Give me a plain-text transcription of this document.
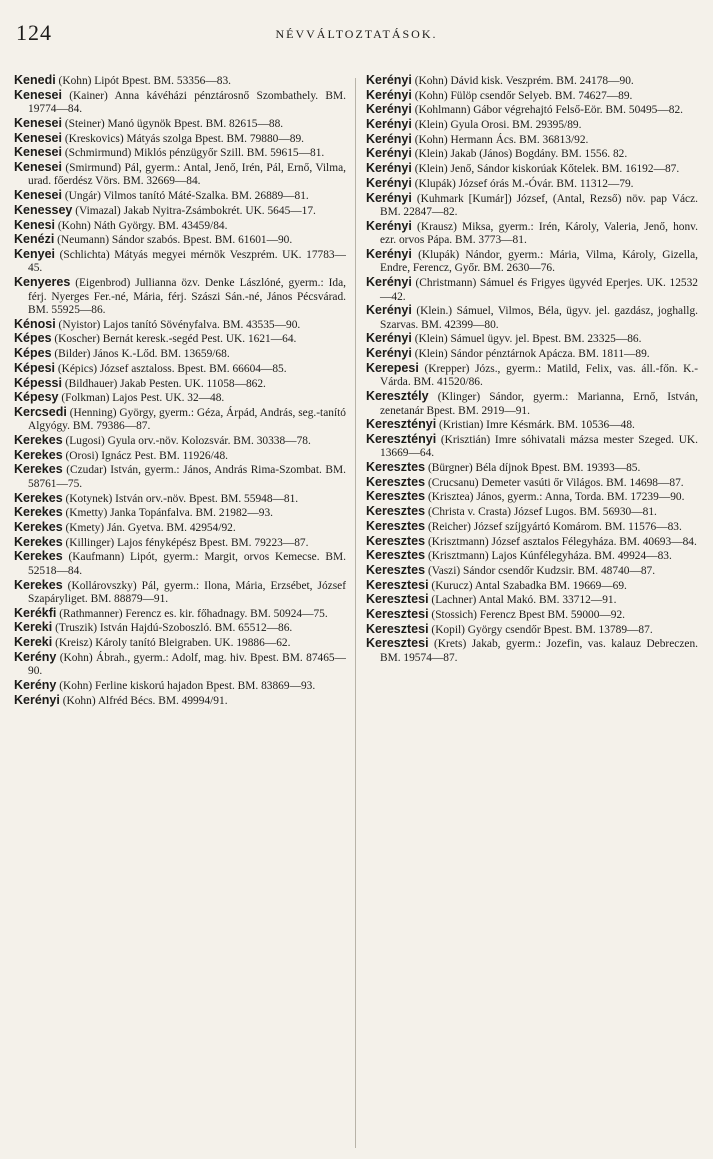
124	NÉVVÁLTOZTATÁSOK.

Kenedi (Kohn) Lipót Bpest. BM. 53356—83.

Kenesei (Kainer) Anna kávéházi pénztárosnő Szombathely. BM. 19774—84.

Kenesei (Steiner) Manó ügynök Bpest. BM. 82615—88.

Kenesei (Kreskovics) Mátyás szolga Bpest. BM. 79880—89.

Kenesei (Schmirmund) Miklós pénzügyőr Szill. BM. 59615—81.

Kenesei (Smirmund) Pál, gyerm.: Antal, Jenő, Irén, Pál, Ernő, Vilma, urad. főerdész Vörs. BM. 32669—84.

Kenesei (Ungár) Vilmos tanító Máté-Szalka. BM. 26889—81.

Kenessey (Vimazal) Jakab Nyitra-Zsámbokrét. UK. 5645—17.

Kenesi (Kohn) Náth György. BM. 43459/84.

Kenézi (Neumann) Sándor szabós. Bpest. BM. 61601—90.

Kenyei (Schlichta) Mátyás megyei mérnök Veszprém. UK. 17783—45.

Kenyeres (Eigenbrod) Jullianna özv. Denke Lászlóné, gyerm.: Ida, férj. Nyerges Fer.-né, Mária, férj. Szászi Sán.-né, János Pécsvárad. BM. 55925—86.

Kénosi (Nyistor) Lajos tanító Sövényfalva. BM. 43535—90.

Képes (Koscher) Bernát keresk.-segéd Pest. UK. 1621—64.

Képes (Bilder) János K.-Lőd. BM. 13659/68.

Képesi (Képics) József asztaloss. Bpest. BM. 66604—85.

Képessi (Bildhauer) Jakab Pesten. UK. 11058—862.

Képesy (Folkman) Lajos Pest. UK. 32—48.

Kercsedi (Henning) György, gyerm.: Géza, Árpád, András, seg.-tanító Algyógy. BM. 79386—87.

Kerekes (Lugosi) Gyula orv.-növ. Kolozsvár. BM. 30338—78.

Kerekes (Orosi) Ignácz Pest. BM. 11926/48.

Kerekes (Czudar) István, gyerm.: János, András Rima-Szombat. BM. 58761—75.

Kerekes (Kotynek) István orv.-növ. Bpest. BM. 55948—81.

Kerekes (Kmetty) Janka Topánfalva. BM. 21982—93.

Kerekes (Kmety) Ján. Gyetva. BM. 42954/92.

Kerekes (Killinger) Lajos fényképész Bpest. BM. 79223—87.

Kerekes (Kaufmann) Lipót, gyerm.: Margit, orvos Kemecse. BM. 52518—84.

Kerekes (Kollárovszky) Pál, gyerm.: Ilona, Mária, Erzsébet, József Szapáryliget. BM. 88879—91.

Kerékfi (Rathmanner) Ferencz es. kir. főhadnagy. BM. 50924—75.

Kereki (Truszik) István Hajdú-Szoboszló. BM. 65512—86.

Kereki (Kreisz) Károly tanító Bleigraben. UK. 19886—62.

Kerény (Kohn) Ábrah., gyerm.: Adolf, mag. hiv. Bpest. BM. 87465—90.

Kerény (Kohn) Ferline kiskorú hajadon Bpest. BM. 83869—93.

Kerényi (Kohn) Alfréd Bécs. BM. 49994/91.

Kerényi (Kohn) Dávid kisk. Veszprém. BM. 24178—90.

Kerényi (Kohn) Fülöp csendőr Selyeb. BM. 74627—89.

Kerényi (Kohlmann) Gábor végrehajtó Felső-Eör. BM. 50495—82.

Kerényi (Klein) Gyula Orosi. BM. 29395/89.

Kerényi (Kohn) Hermann Ács. BM. 36813/92.

Kerényi (Klein) Jakab (János) Bogdány. BM. 1556. 82.

Kerényi (Klein) Jenő, Sándor kiskorúak Kőtelek. BM. 16192—87.

Kerényi (Klupák) József órás M.-Óvár. BM. 11312—79.

Kerényi (Kuhmark [Kumár]) József, (Antal, Rezső) növ. pap Vácz. BM. 22847—82.

Kerényi (Krausz) Miksa, gyerm.: Irén, Károly, Valeria, Jenő, honv. ezr. orvos Pápa. BM. 3773—81.

Kerényi (Klupák) Nándor, gyerm.: Mária, Vilma, Károly, Gizella, Endre, Ferencz, Győr. BM. 2630—76.

Kerényi (Christmann) Sámuel és Frigyes ügyvéd Eperjes. UK. 12532—42.

Kerényi (Klein.) Sámuel, Vilmos, Béla, ügyv. jel. gazdász, joghallg. Szarvas. BM. 42399—80.

Kerényi (Klein) Sámuel ügyv. jel. Bpest. BM. 23325—86.

Kerényi (Klein) Sándor pénztárnok Apácza. BM. 1811—89.

Kerepesi (Krepper) Józs., gyerm.: Matild, Felix, vas. áll.-főn. K.-Várda. BM. 41520/86.

Keresztély (Klinger) Sándor, gyerm.: Marianna, Ernő, István, zenetanár Bpest. BM. 2919—91.

Keresztényi (Kristian) Imre Késmárk. BM. 10536—48.

Keresztényi (Krisztián) Imre sóhivatali mázsa mester Szeged. UK. 13669—64.

Keresztes (Bürgner) Béla díjnok Bpest. BM. 19393—85.

Keresztes (Crucsanu) Demeter vasúti őr Világos. BM. 14698—87.

Keresztes (Krisztea) János, gyerm.: Anna, Torda. BM. 17239—90.

Keresztes (Christa v. Crasta) József Lugos. BM. 56930—81.

Keresztes (Reicher) József szíjgyártó Komárom. BM. 11576—83.

Keresztes (Krisztmann) József asztalos Félegyháza. BM. 40693—84.

Keresztes (Krisztmann) Lajos Kúnfélegyháza. BM. 49924—83.

Keresztes (Vaszi) Sándor csendőr Kudzsir. BM. 48740—87.

Keresztesi (Kurucz) Antal Szabadka BM. 19669—69.

Keresztesi (Lachner) Antal Makó. BM. 33712—91.

Keresztesi (Stossich) Ferencz Bpest BM. 59000—92.

Keresztesi (Kopil) György csendőr Bpest. BM. 13789—87.

Keresztesi (Krets) Jakab, gyerm.: Jozefin, vas. kalauz Debreczen. BM. 19574—87.
